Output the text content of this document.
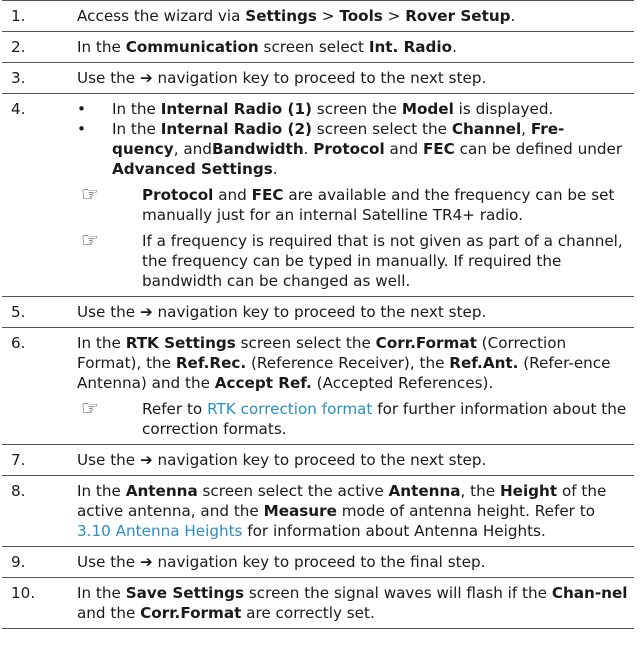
1.	Access the wizard via Settings > Tools > Rover Setup.
2.	In the Communication screen select Int. Radio.
3.	Use the ➔ navigation key to proceed to the next step.
4.	•	In the Internal Radio (1) screen the Model is displayed.
•	In the Internal Radio (2) screen select the Channel, Fre-quency, andBandwidth. Protocol and FEC can be defined under Advanced Settings.
☞	Protocol and FEC are available and the frequency can be set manually just for an internal Satelline TR4+ radio.
☞	If a frequency is required that is not given as part of a channel, the frequency can be typed in manually. If required the bandwidth can be changed as well.
5.	Use the ➔ navigation key to proceed to the next step.
6.	In the RTK Settings screen select the Corr.Format (Correction Format), the Ref.Rec. (Reference Receiver), the Ref.Ant. (Refer-ence Antenna) and the Accept Ref. (Accepted References).
☞	Refer to RTK correction format for further information about the correction formats.
7.	Use the ➔ navigation key to proceed to the next step.
8.	In the Antenna screen select the active Antenna, the Height of the active antenna, and the Measure mode of antenna height. Refer to 3.10 Antenna Heights for information about Antenna Heights.
9.	Use the ➔ navigation key to proceed to the final step.
10.	In the Save Settings screen the signal waves will flash if the Chan-nel and the Corr.Format are correctly set.
